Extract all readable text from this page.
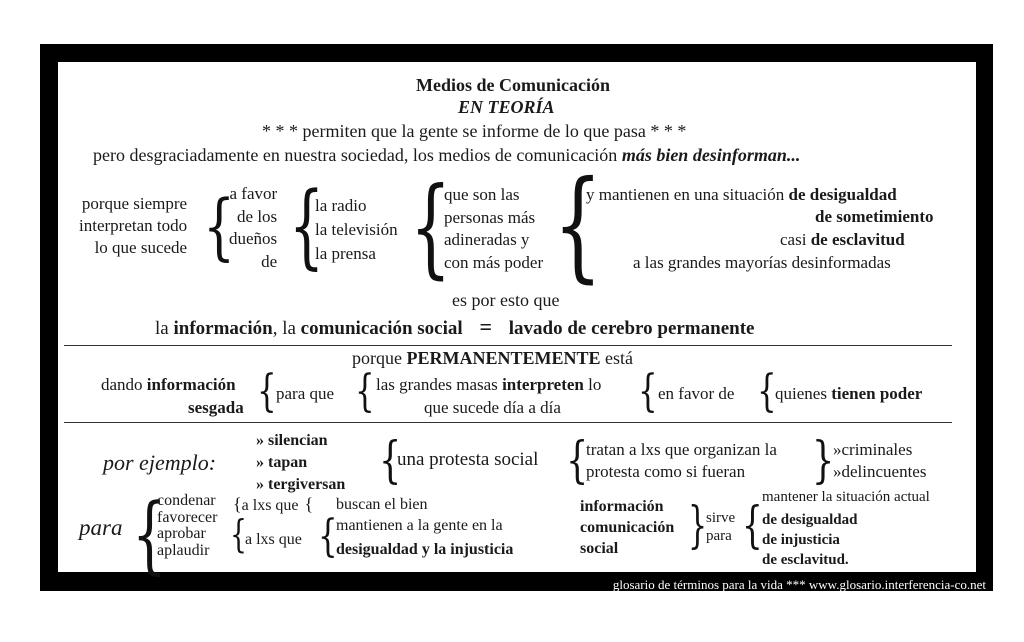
Medios de Comunicación
EN TEORÍA
* * * permiten que la gente se informe de lo que pasa * * *
pero desgraciadamente en nuestra sociedad, los medios de comunicación más bien desinforman...
porque siempre
interpretan todo
lo que sucede {
a favor
de los
dueños
de {
la radio
la televisión
la prensa {
que son las
personas más
adineradas y
con más poder {
y mantienen en una situación de desigualdad
de sometimiento
casi de esclavitud
a las grandes mayorías desinformadas
es por esto que
la información, la comunicación social = lavado de cerebro permanente
porque PERMANENTEMENTE está
dando información
sesgada { para que { las grandes masas interpreten lo
que sucede día a día { en favor de {
quienes tienen poder
por ejemplo:
» silencian
» tapan
» tergiversan {
una protesta social {
tratan a lxs que organizan la
protesta como si fueran	}
»criminales
»delincuentes
para {
condenar
favorecer
aprobar
aplaudir
{a lxs que { buscan el bien
{
a lxs que {
mantienen a la gente en la
desigualdad y la injusticia
información
comunicación
social	}
sirve
para { mantener la situación actual
de desigualdad
de injusticia
de esclavitud.
glosario de términos para la vida *** www.glosario.interferencia-co.net
